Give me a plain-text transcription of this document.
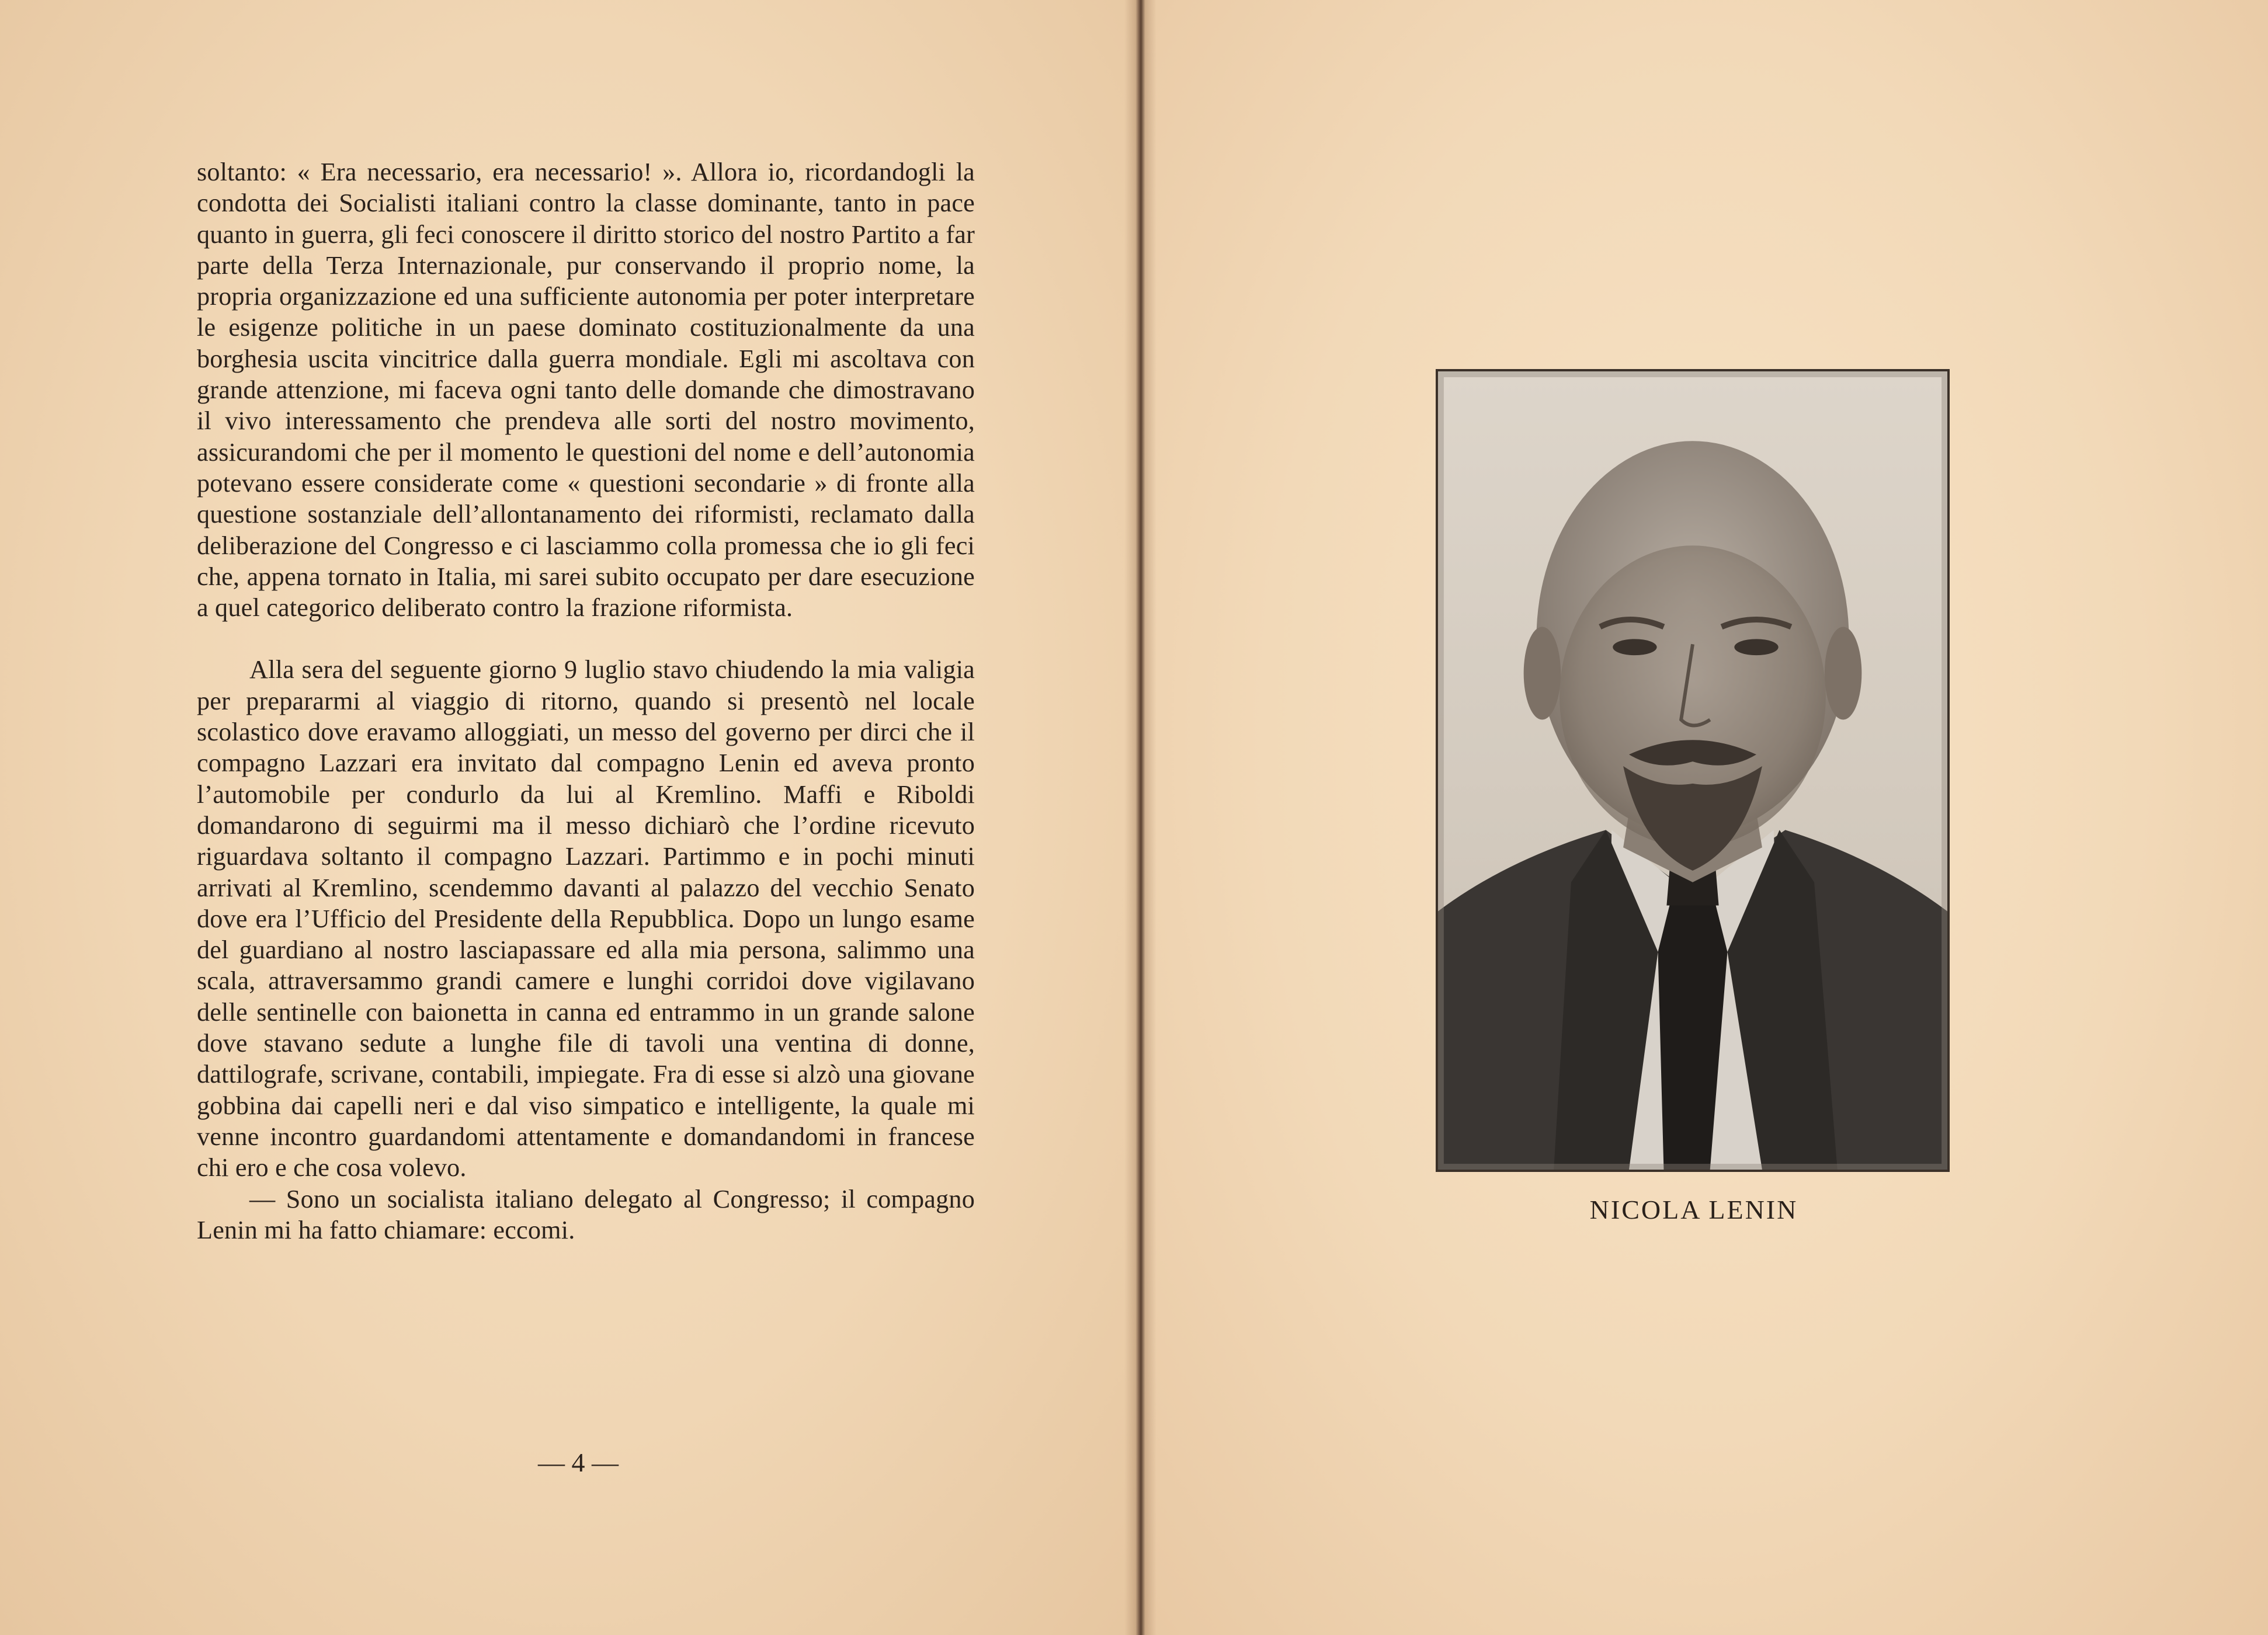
soltanto: « Era necessario, era necessario! ». Allora io, ricordandogli la condotta dei Socialisti italiani contro la classe dominante, tanto in pace quanto in guerra, gli feci conoscere il diritto storico del nostro Partito a far parte della Terza Internazionale, pur conservando il proprio nome, la propria organizzazione ed una sufficiente autonomia per poter interpretare le esigenze politiche in un paese dominato costituzionalmente da una borghesia uscita vincitrice dalla guerra mondiale. Egli mi ascoltava con grande attenzione, mi faceva ogni tanto delle domande che dimostravano il vivo interessamento che prendeva alle sorti del nostro movimento, assicurandomi che per il momento le questioni del nome e dell’autonomia potevano essere considerate come « questioni secondarie » di fronte alla questione sostanziale dell’allontanamento dei riformisti, reclamato dalla deliberazione del Congresso e ci lasciammo colla promessa che io gli feci che, appena tornato in Italia, mi sarei subito occupato per dare esecuzione a quel categorico deliberato contro la frazione riformista.

Alla sera del seguente giorno 9 luglio stavo chiudendo la mia valigia per prepararmi al viaggio di ritorno, quando si presentò nel locale scolastico dove eravamo alloggiati, un messo del governo per dirci che il compagno Lazzari era invitato dal compagno Lenin ed aveva pronto l’automobile per condurlo da lui al Kremlino. Maffi e Riboldi domandarono di seguirmi ma il messo dichiarò che l’ordine ricevuto riguardava soltanto il compagno Lazzari. Partimmo e in pochi minuti arrivati al Kremlino, scendemmo davanti al palazzo del vecchio Senato dove era l’Ufficio del Presidente della Repubblica. Dopo un lungo esame del guardiano al nostro lasciapassare ed alla mia persona, salimmo una scala, attraversammo grandi camere e lunghi corridoi dove vigilavano delle sentinelle con baionetta in canna ed entrammo in un grande salone dove stavano sedute a lunghe file di tavoli una ventina di donne, dattilografe, scrivane, contabili, impiegate. Fra di esse si alzò una giovane gobbina dai capelli neri e dal viso simpatico e intelligente, la quale mi venne incontro guardandomi attentamente e domandandomi in francese chi ero e che cosa volevo.

— Sono un socialista italiano delegato al Congresso; il compagno Lenin mi ha fatto chiamare: eccomi.

— 4 —
NICOLA LENIN
